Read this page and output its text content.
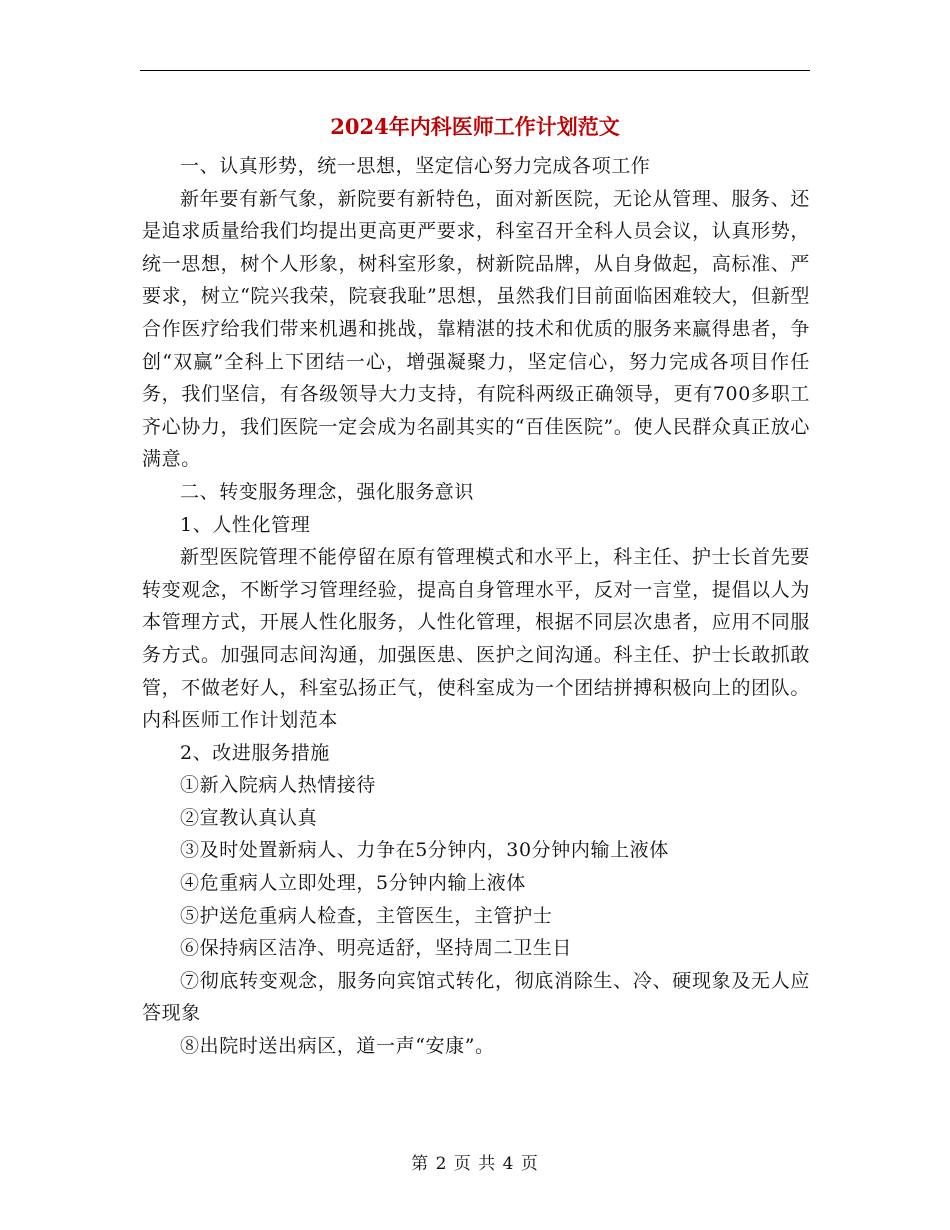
2024年内科医师工作计划范文

一、认真形势，统一思想，坚定信心努力完成各项工作

新年要有新气象，新院要有新特色，面对新医院，无论从管理、服务、还是追求质量给我们均提出更高更严要求，科室召开全科人员会议，认真形势，统一思想，树个人形象，树科室形象，树新院品牌，从自身做起，高标准、严要求，树立“院兴我荣，院衰我耻”思想，虽然我们目前面临困难较大，但新型合作医疗给我们带来机遇和挑战，靠精湛的技术和优质的服务来赢得患者，争创“双赢”全科上下团结一心，增强凝聚力，坚定信心，努力完成各项目作任务，我们坚信，有各级领导大力支持，有院科两级正确领导，更有700多职工齐心协力，我们医院一定会成为名副其实的“百佳医院”。使人民群众真正放心满意。

二、转变服务理念，强化服务意识

1、人性化管理

新型医院管理不能停留在原有管理模式和水平上，科主任、护士长首先要转变观念，不断学习管理经验，提高自身管理水平，反对一言堂，提倡以人为本管理方式，开展人性化服务，人性化管理，根据不同层次患者，应用不同服务方式。加强同志间沟通，加强医患、医护之间沟通。科主任、护士长敢抓敢管，不做老好人，科室弘扬正气，使科室成为一个团结拼搏积极向上的团队。内科医师工作计划范本

2、改进服务措施

①新入院病人热情接待

②宣教认真认真

③及时处置新病人、力争在5分钟内，30分钟内输上液体

④危重病人立即处理，5分钟内输上液体

⑤护送危重病人检查，主管医生，主管护士

⑥保持病区洁净、明亮适舒，坚持周二卫生日

⑦彻底转变观念，服务向宾馆式转化，彻底消除生、冷、硬现象及无人应答现象

⑧出院时送出病区，道一声“安康”。

第 2 页 共 4 页
